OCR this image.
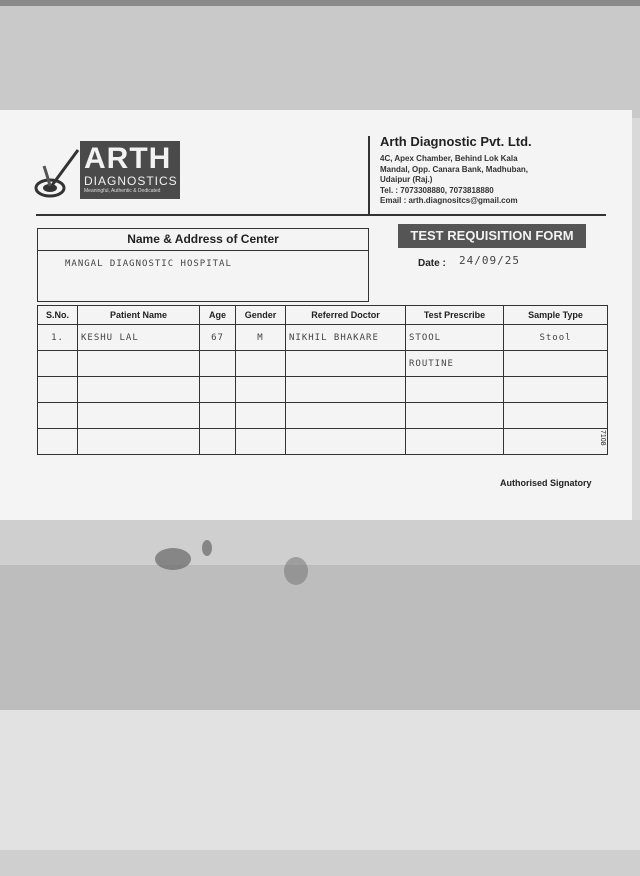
ARTH
DIAGNOSTICS
Meaningful, Authentic & Dedicated
Arth Diagnostic Pvt. Ltd.
4C, Apex Chamber, Behind Lok Kala
Mandal, Opp. Canara Bank, Madhuban,
Udaipur (Raj.)
Tel. : 7073308880, 7073818880
Email : arth.diagnositcs@gmail.com
Name & Address of Center
MANGAL DIAGNOSTIC HOSPITAL
TEST REQUISITION FORM
Date : 24/09/25
S.No.	Patient Name	Age	Gender	Referred Doctor	Test Prescribe	Sample Type
1.	KESHU LAL	67	M	NIKHIL BHAKARE	STOOL	Stool
					ROUTINE	

7108
Authorised Signatory
